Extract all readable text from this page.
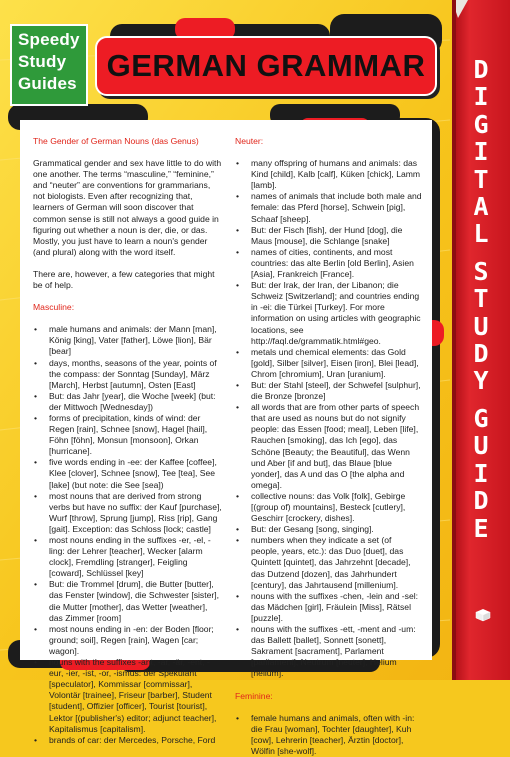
Speedy
Study
Guides
GERMAN GRAMMAR
The Gender of German Nouns (das Genus)

Grammatical gender and sex have little to do with one another. The terms “masculine,” “feminine,” and “neuter” are conventions for grammarians, not biologists. Even after recognizing that, learners of German will soon discover that common sense is still not always a good guide in figuring out whether a noun is der, die, or das. Mostly, you just have to learn a noun's gender (and plural) along with the word itself.

There are, however, a few categories that might be of help.

Masculine:
• male humans and animals: der Mann [man], König [king], Vater [father], Löwe [lion], Bär [bear]
• days, months, seasons of the year, points of the compass: der Sonntag [Sunday], März [March], Herbst [autumn], Osten [East]
• But: das Jahr [year], die Woche [week] (but: der Mittwoch [Wednesday])
• forms of precipitation, kinds of wind: der Regen [rain], Schnee [snow], Hagel [hail], Föhn [föhn], Monsun [monsoon], Orkan [hurricane].
• five words ending in -ee: der Kaffee [coffee], Klee [clover], Schnee [snow], Tee [tea], See [lake] (but note: die See [sea])
• most nouns that are derived from strong verbs but have no suffix: der Kauf [purchase], Wurf [throw], Sprung [jump], Riss [rip], Gang [gait]. Exception: das Schloss [lock; castle]
• most nouns ending in the suffixes -er, -el, -ling: der Lehrer [teacher], Wecker [alarm clock], Fremdling [stranger], Feigling [coward], Schlüssel [key]
• But: die Trommel [drum], die Butter [butter], das Fenster [window], die Schwester [sister], die Mutter [mother], das Wetter [weather], das Zimmer [room]
• most nouns ending in -en: der Boden [floor; ground; soil], Regen [rain], Wagen [car; wagon].
• nouns with the suffixes -ant, -ar, -är, -ent, -eur, -ier, -ist, -or, -ismus: der Spekulant [speculator], Kommissar [commissar], Volontär [trainee], Friseur [barber], Student [student], Offizier [officer], Tourist [tourist], Lektor [(publisher's) editor; adjunct teacher], Kapitalismus [capitalism].
• brands of car: der Mercedes, Porsche, Ford
Neuter:
• many offspring of humans and animals: das Kind [child], Kalb [calf], Küken [chick], Lamm [lamb].
• names of animals that include both male and female: das Pferd [horse], Schwein [pig], Schaaf [sheep].
• But: der Fisch [fish], der Hund [dog], die Maus [mouse], die Schlange [snake]
• names of cities, continents, and most countries: das alte Berlin [old Berlin], Asien [Asia], Frankreich [France].
• But: der Irak, der Iran, der Libanon; die Schweiz [Switzerland]; and countries ending in -ei: die Türkei [Turkey]. For more information on using articles with geographic locations, see http://faql.de/grammatik.html#geo.
• metals und chemical elements: das Gold [gold], Silber [silver], Eisen [iron], Blei [lead], Chrom [chromium], Uran [uranium].
• But: der Stahl [steel], der Schwefel [sulphur], die Bronze [bronze]
• all words that are from other parts of speech that are used as nouns but do not signify people: das Essen [food; meal], Leben [life], Rauchen [smoking], das Ich [ego], das Schöne [Beauty; the Beautiful], das Wenn und Aber [if and but], das Blaue [blue yonder], das A und das O [the alpha and omega].
• collective nouns: das Volk [folk], Gebirge [(group of) mountains], Besteck [cutlery], Geschirr [crockery, dishes].
• But: der Gesang [song, singing].
• numbers when they indicate a set (of people, years, etc.): das Duo [duet], das Quintett [quintet], das Jahrzehnt [decade], das Dutzend [dozen], das Jahrhundert [century], das Jahrtausend [millenium].
• nouns with the suffixes -chen, -lein and -sel: das Mädchen [girl], Fräulein [Miss], Rätsel [puzzle].
• nouns with the suffixes -ett, -ment and -um: das Ballett [ballet], Sonnett [sonett], Sakrament [sacrament], Parlament [parliament], Neutrum [neuter], Helium [helium].
Feminine:
• female humans and animals, often with -in: die Frau [woman], Tochter [daughter], Kuh [cow], Lehrerin [teacher], Ärztin [doctor], Wölfin [she-wolf].
D
I
G
I
T
A
L
S
T
U
D
Y
G
U
I
D
E
